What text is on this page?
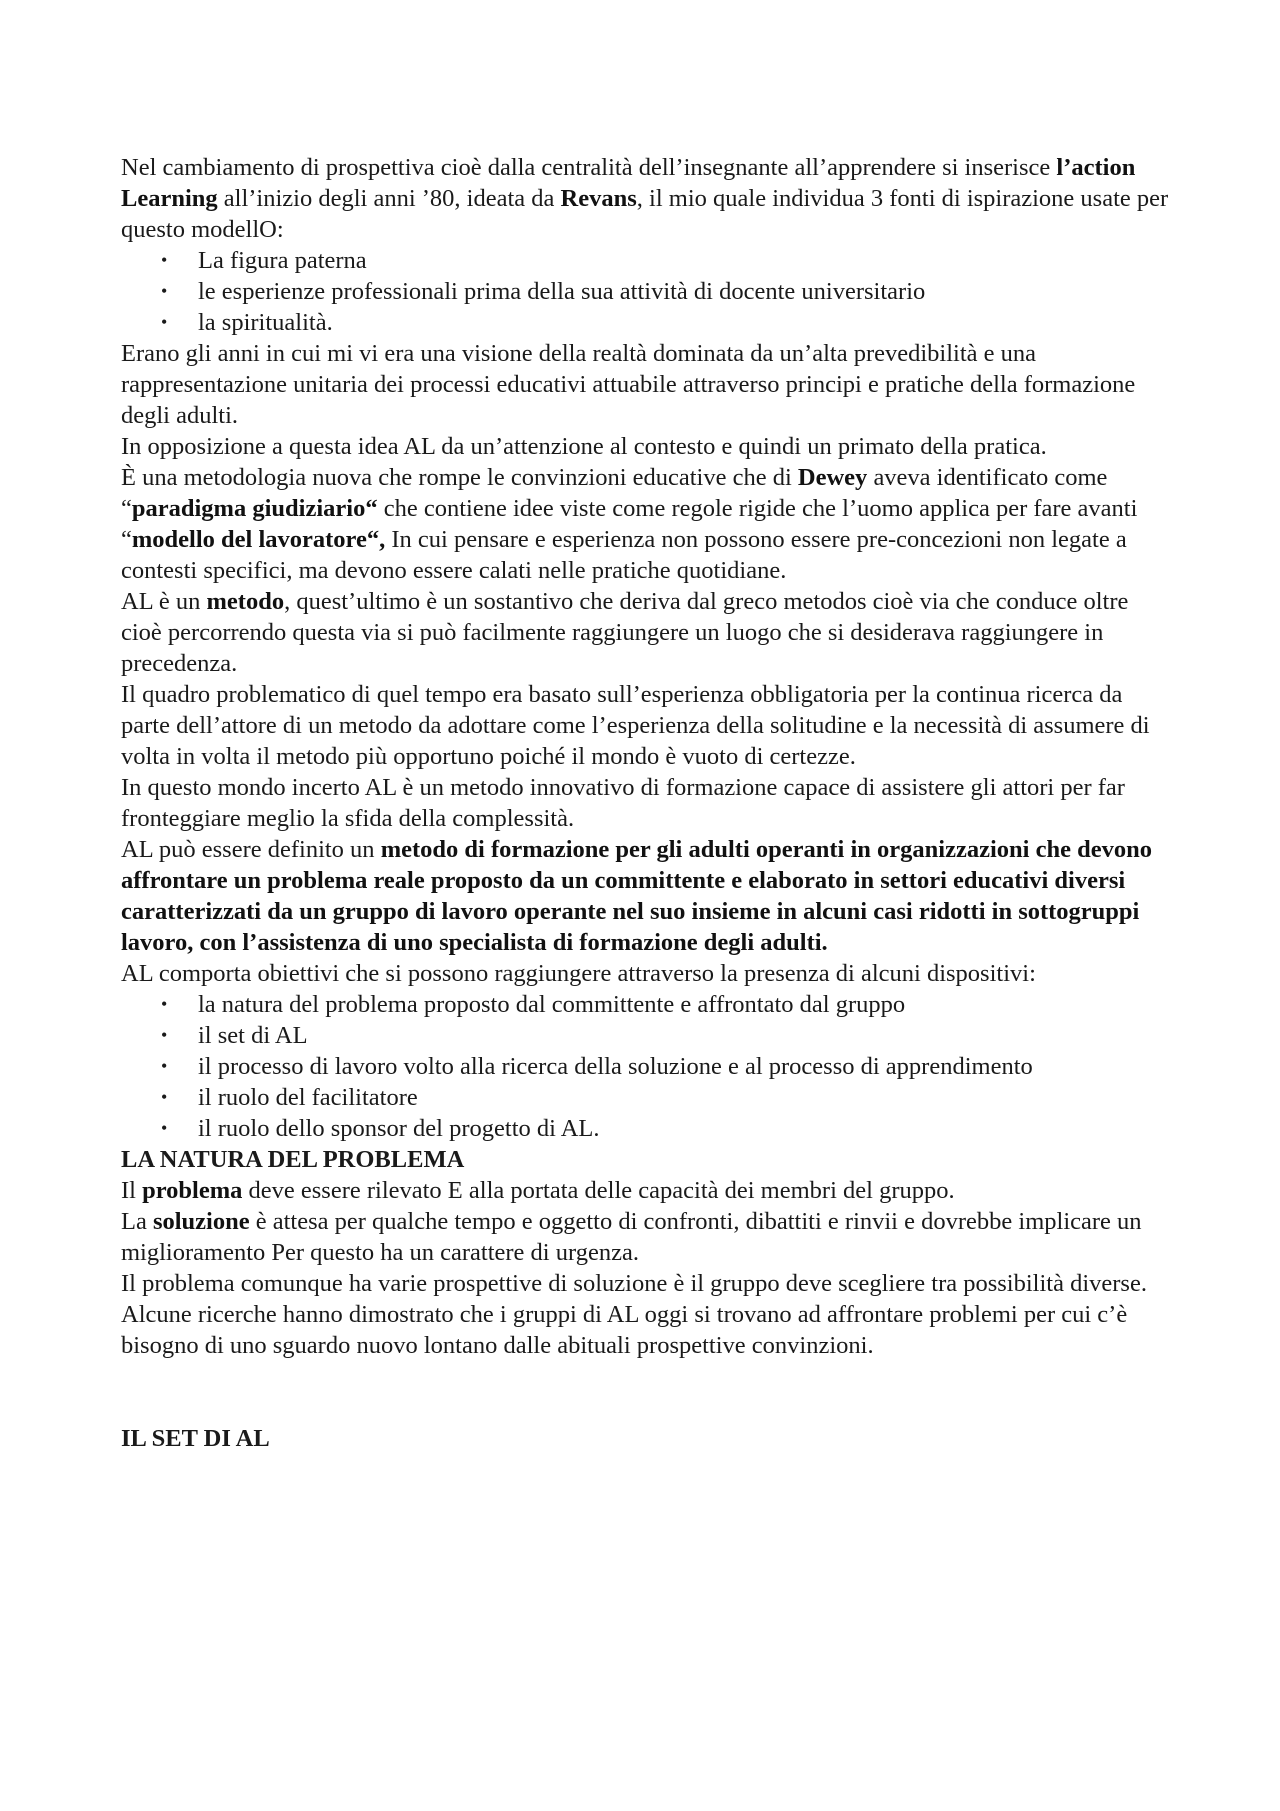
Nel cambiamento di prospettiva cioè dalla centralità dell’insegnante all’apprendere si inserisce l’action Learning all’inizio degli anni ’80, ideata da Revans, il mio quale individua 3 fonti di ispirazione usate per questo modellO:

• La figura paterna
• le esperienze professionali prima della sua attività di docente universitario
• la spiritualità.

Erano gli anni in cui mi vi era una visione della realtà dominata da un’alta prevedibilità e una rappresentazione unitaria dei processi educativi attuabile attraverso principi e pratiche della formazione degli adulti.

In opposizione a questa idea AL da un’attenzione al contesto e quindi un primato della pratica.

È una metodologia nuova che rompe le convinzioni educative che di Dewey aveva identificato come “paradigma giudiziario“ che contiene idee viste come regole rigide che l’uomo applica per fare avanti “modello del lavoratore“, In cui pensare e esperienza non possono essere pre-concezioni non legate a contesti specifici, ma devono essere calati nelle pratiche quotidiane.

AL è un metodo, quest’ultimo è un sostantivo che deriva dal greco metodos cioè via che conduce oltre cioè percorrendo questa via si può facilmente raggiungere un luogo che si desiderava raggiungere in precedenza.

Il quadro problematico di quel tempo era basato sull’esperienza obbligatoria per la continua ricerca da parte dell’attore di un metodo da adottare come l’esperienza della solitudine e la necessità di assumere di volta in volta il metodo più opportuno poiché il mondo è vuoto di certezze.

In questo mondo incerto AL è un metodo innovativo di formazione capace di assistere gli attori per far fronteggiare meglio la sfida della complessità.

AL può essere definito un metodo di formazione per gli adulti operanti in organizzazioni che devono affrontare un problema reale proposto da un committente e elaborato in settori educativi diversi caratterizzati da un gruppo di lavoro operante nel suo insieme in alcuni casi ridotti in sottogruppi lavoro, con l’assistenza di uno specialista di formazione degli adulti.

AL comporta obiettivi che si possono raggiungere attraverso la presenza di alcuni dispositivi:

• la natura del problema proposto dal committente e affrontato dal gruppo
• il set di AL
• il processo di lavoro volto alla ricerca della soluzione e al processo di apprendimento
• il ruolo del facilitatore
• il ruolo dello sponsor del progetto di AL.

LA NATURA DEL PROBLEMA

Il problema deve essere rilevato E alla portata delle capacità dei membri del gruppo.

La soluzione è attesa per qualche tempo e oggetto di confronti, dibattiti e rinvii e dovrebbe implicare un miglioramento Per questo ha un carattere di urgenza.

Il problema comunque ha varie prospettive di soluzione è il gruppo deve scegliere tra possibilità diverse.

Alcune ricerche hanno dimostrato che i gruppi di AL oggi si trovano ad affrontare problemi per cui c’è bisogno di uno sguardo nuovo lontano dalle abituali prospettive convinzioni.

IL SET DI AL
